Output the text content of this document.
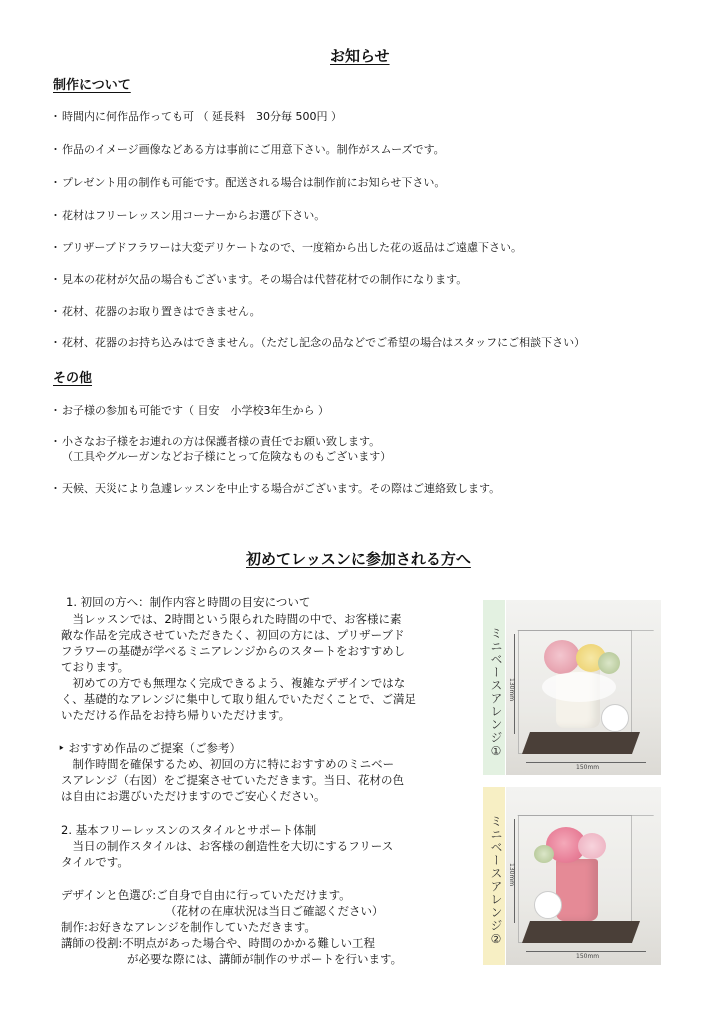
お知らせ
制作について
・時間内に何作品作っても可 （ 延長料　30分毎 500円 ）
・作品のイメージ画像などある方は事前にご用意下さい。制作がスムーズです。
・プレゼント用の制作も可能です。配送される場合は制作前にお知らせ下さい。
・花材はフリーレッスン用コーナーからお選び下さい。
・プリザーブドフラワーは大変デリケートなので、一度箱から出した花の返品はご遠慮下さい。
・見本の花材が欠品の場合もございます。その場合は代替花材での制作になります。
・花材、花器のお取り置きはできません。
・花材、花器のお持ち込みはできません。（ただし記念の品などでご希望の場合はスタッフにご相談下さい）
その他
・お子様の参加も可能です（ 目安　小学校3年生から ）
・小さなお子様をお連れの方は保護者様の責任でお願い致します。
（工具やグルーガンなどお子様にとって危険なものもございます）
・天候、天災により急遽レッスンを中止する場合がございます。その際はご連絡致します。
初めてレッスンに参加される方へ
1. 初回の方へ：制作内容と時間の目安について
　当レッスンでは、2時間という限られた時間の中で、お客様に素
敵な作品を完成させていただきたく、初回の方には、プリザーブド
フラワーの基礎が学べるミニアレンジからのスタートをおすすめし
ております。
　初めての方でも無理なく完成できるよう、複雑なデザインではな
く、基礎的なアレンジに集中して取り組んでいただくことで、ご満足
いただける作品をお持ち帰りいただけます。
‣ おすすめ作品のご提案（ご参考）
　制作時間を確保するため、初回の方に特におすすめのミニベー
スアレンジ（右図）をご提案させていただきます。当日、花材の色
は自由にお選びいただけますのでご安心ください。
2. 基本フリーレッスンのスタイルとサポート体制
　当日の制作スタイルは、お客様の創造性を大切にするフリース
タイルです。
デザインと色選び:ご自身で自由に行っていただけます。
（花材の在庫状況は当日ご確認ください）
制作:お好きなアレンジを制作していただきます。
講師の役割:不明点があった場合や、時間のかかる難しい工程
が必要な際には、講師が制作のサポートを行います。
ミニベースアレンジ① 130mm
150mm
ミニベースアレンジ② 130mm
150mm
